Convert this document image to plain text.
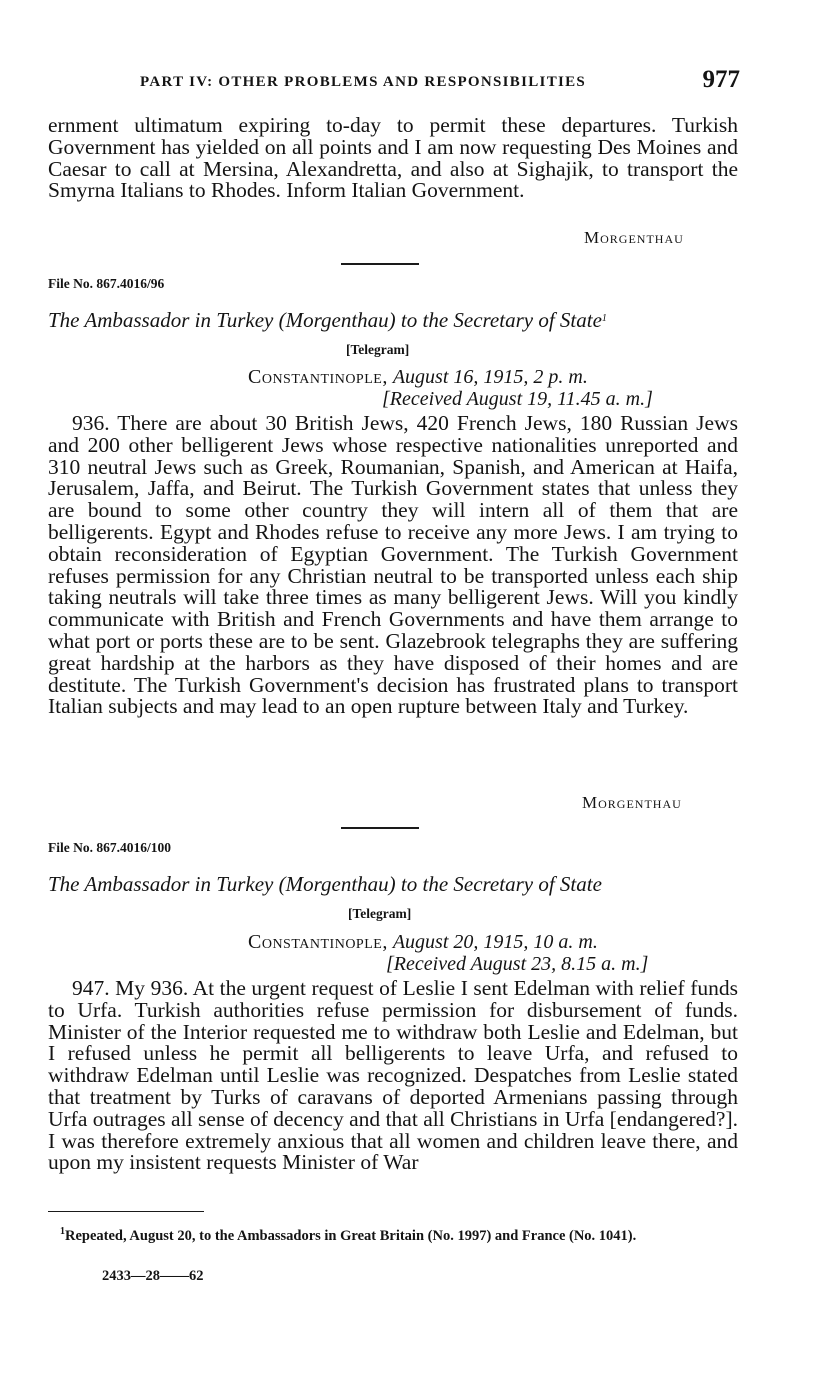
PART IV: OTHER PROBLEMS AND RESPONSIBILITIES	977

ernment ultimatum expiring to-day to permit these departures. Turkish Government has yielded on all points and I am now requesting Des Moines and Caesar to call at Mersina, Alexandretta, and also at Sighajik, to transport the Smyrna Italians to Rhodes. Inform Italian Government.

Morgenthau
File No. 867.4016/96
The Ambassador in Turkey (Morgenthau) to the Secretary of State$^1$
[Telegram]
Constantinople, August 16, 1915, 2 p. m.
[Received August 19, 11.45 a. m.]

936. There are about 30 British Jews, 420 French Jews, 180 Russian Jews and 200 other belligerent Jews whose respective nationalities unreported and 310 neutral Jews such as Greek, Roumanian, Spanish, and American at Haifa, Jerusalem, Jaffa, and Beirut. The Turkish Government states that unless they are bound to some other country they will intern all of them that are belligerents. Egypt and Rhodes refuse to receive any more Jews. I am trying to obtain reconsideration of Egyptian Government. The Turkish Government refuses permission for any Christian neutral to be transported unless each ship taking neutrals will take three times as many belligerent Jews. Will you kindly communicate with British and French Governments and have them arrange to what port or ports these are to be sent. Glazebrook telegraphs they are suffering great hardship at the harbors as they have disposed of their homes and are destitute. The Turkish Government's decision has frustrated plans to transport Italian subjects and may lead to an open rupture between Italy and Turkey.

Morgenthau
File No. 867.4016/100
The Ambassador in Turkey (Morgenthau) to the Secretary of State
[Telegram]
Constantinople, August 20, 1915, 10 a. m.
[Received August 23, 8.15 a. m.]

947. My 936. At the urgent request of Leslie I sent Edelman with relief funds to Urfa. Turkish authorities refuse permission for disbursement of funds. Minister of the Interior requested me to withdraw both Leslie and Edelman, but I refused unless he permit all belligerents to leave Urfa, and refused to withdraw Edelman until Leslie was recognized. Despatches from Leslie stated that treatment by Turks of caravans of deported Armenians passing through Urfa outrages all sense of decency and that all Christians in Urfa [endangered?]. I was therefore extremely anxious that all women and children leave there, and upon my insistent requests Minister of War

$^1$Repeated, August 20, to the Ambassadors in Great Britain (No. 1997) and France (No. 1041).
2433—28——62
